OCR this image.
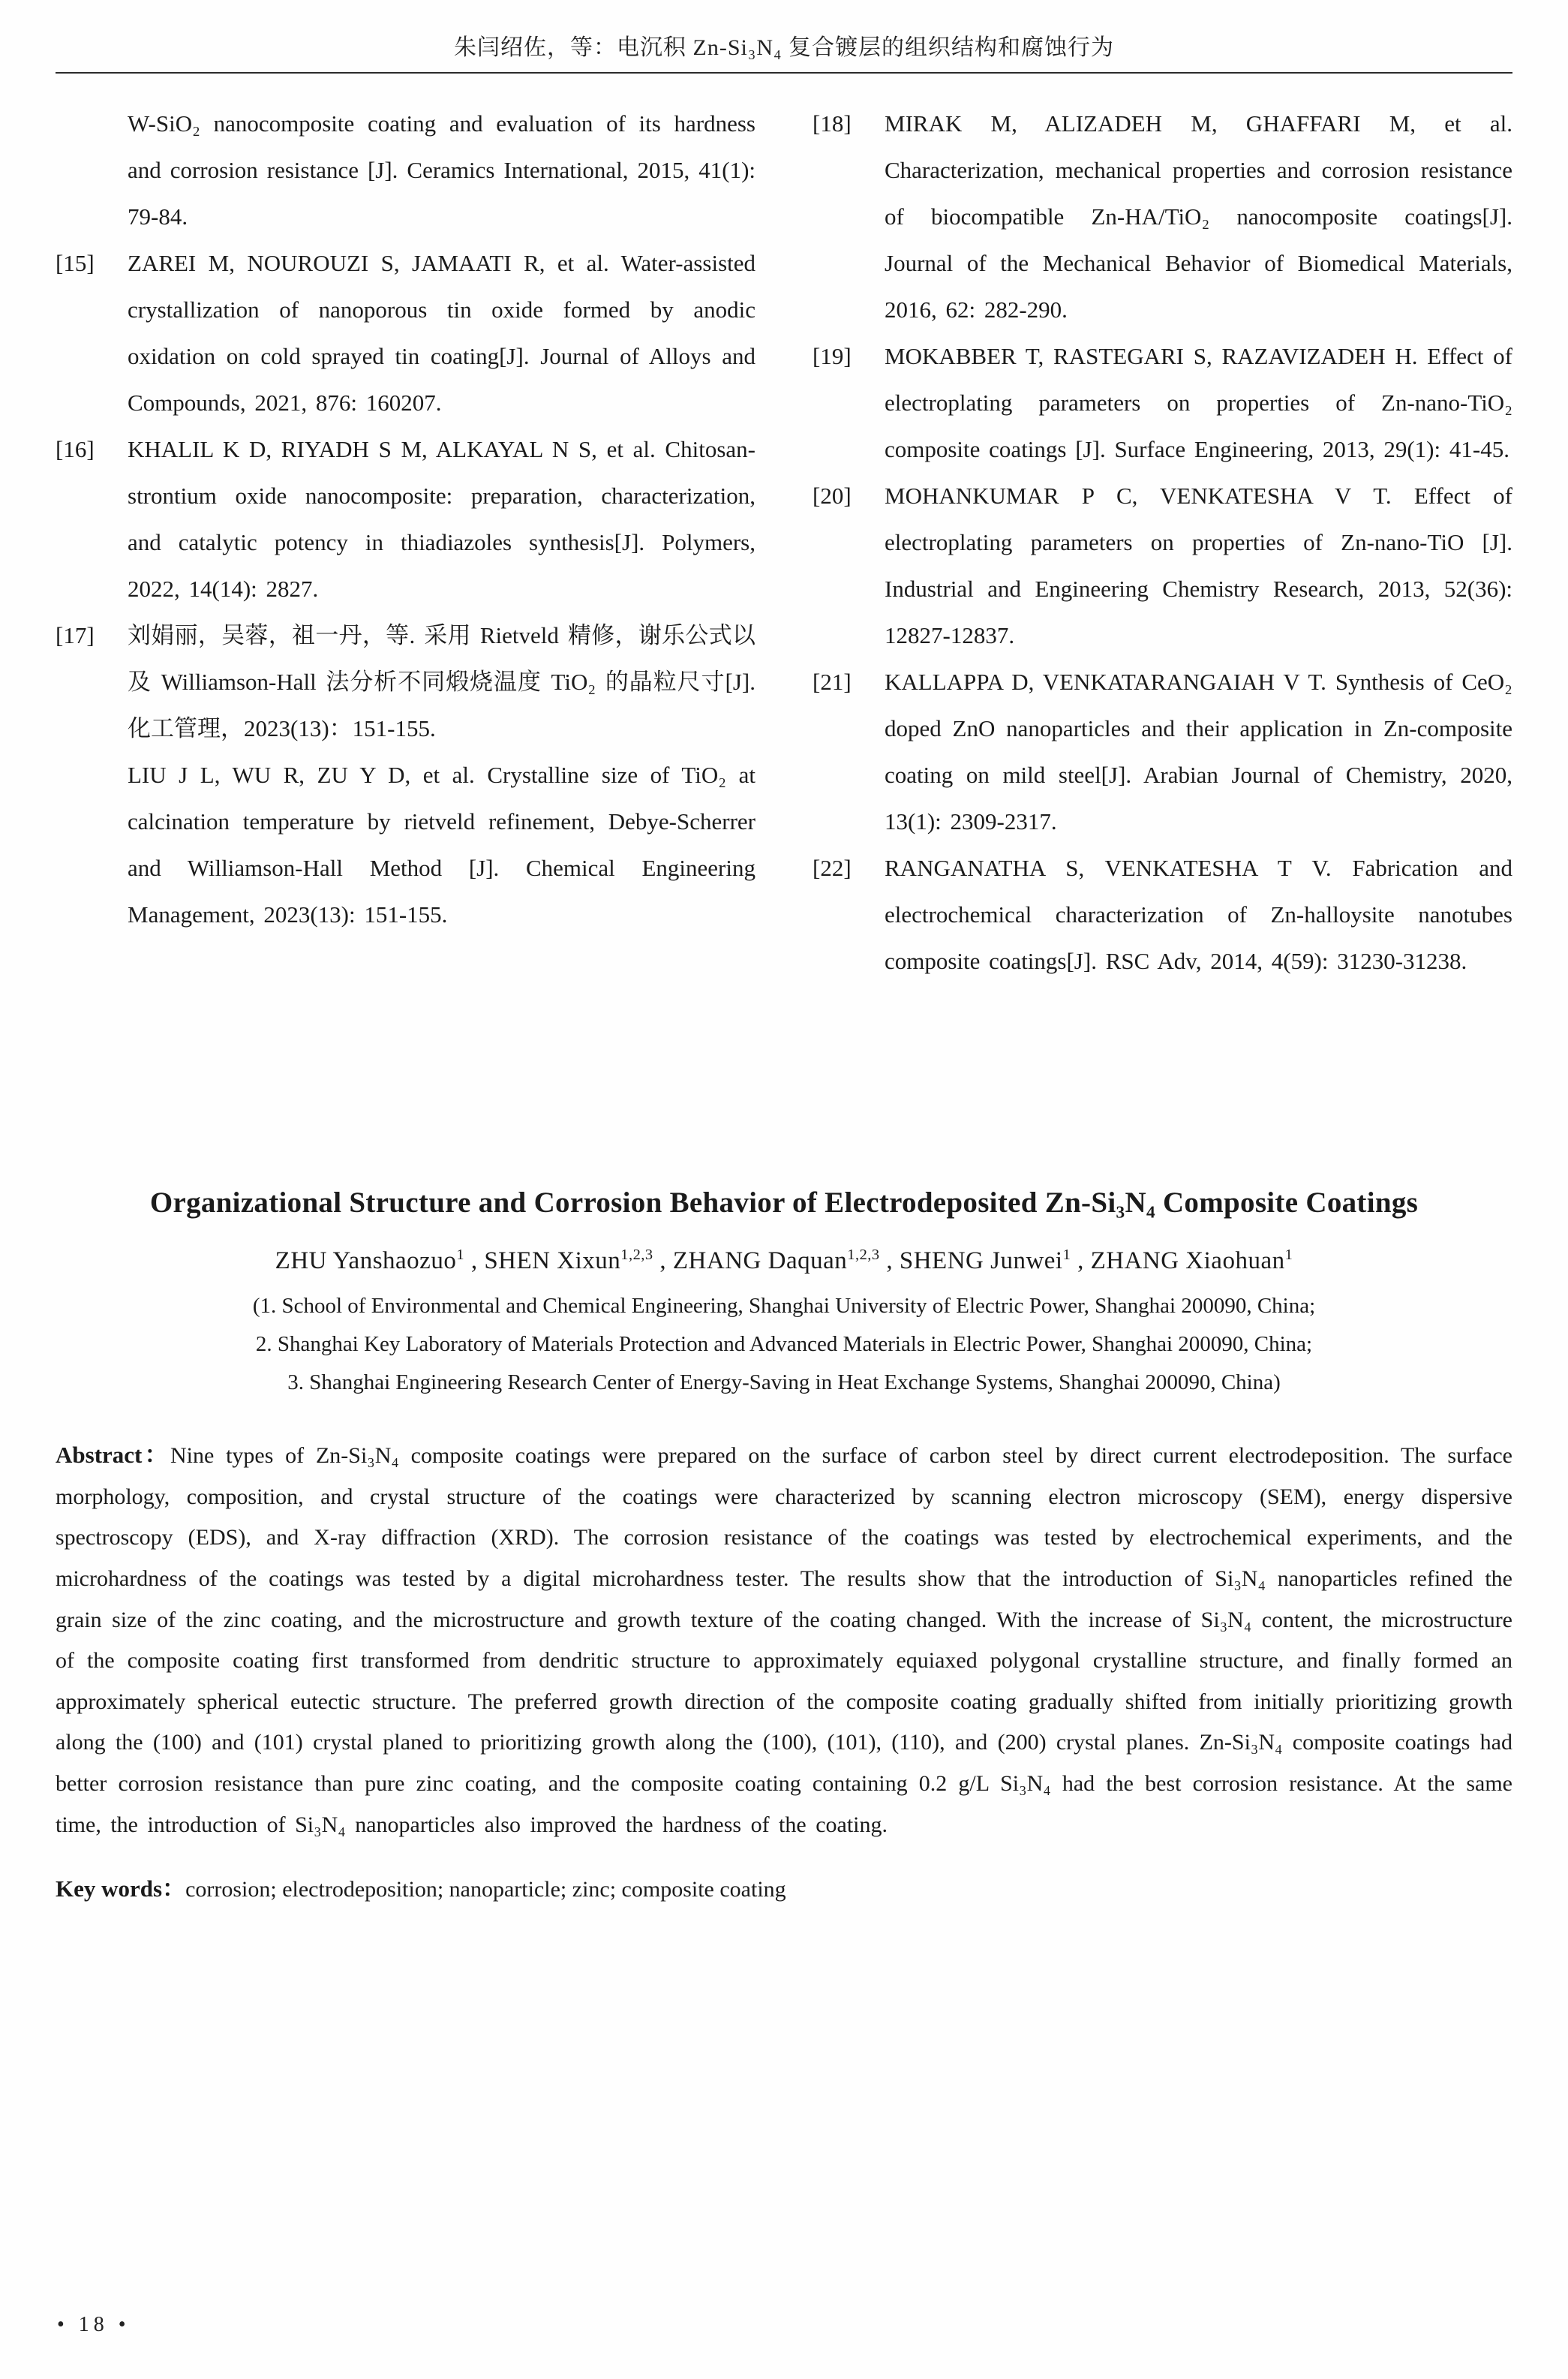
朱闫绍佐，等：电沉积 Zn-Si₃N₄ 复合镀层的组织结构和腐蚀行为
W-SiO₂ nanocomposite coating and evaluation of its hardness and corrosion resistance [J]. Ceramics International, 2015, 41(1): 79-84.
[15]	ZAREI M, NOUROUZI S, JAMAATI R, et al. Water-assisted crystallization of nanoporous tin oxide formed by anodic oxidation on cold sprayed tin coating[J]. Journal of Alloys and Compounds, 2021, 876: 160207.
[16]	KHALIL K D, RIYADH S M, ALKAYAL N S, et al. Chitosan-strontium oxide nanocomposite: preparation, characterization, and catalytic potency in thiadiazoles synthesis[J]. Polymers, 2022, 14(14): 2827.
[17]	刘娟丽，吴蓉，祖一丹，等. 采用 Rietveld 精修，谢乐公式以及 Williamson-Hall 法分析不同煅烧温度 TiO₂ 的晶粒尺寸[J]. 化工管理，2023(13)：151-155.
LIU J L, WU R, ZU Y D, et al. Crystalline size of TiO₂ at calcination temperature by rietveld refinement, Debye-Scherrer and Williamson-Hall Method [J]. Chemical Engineering Management, 2023(13): 151-155.
[18]	MIRAK M, ALIZADEH M, GHAFFARI M, et al. Characterization, mechanical properties and corrosion resistance of biocompatible Zn-HA/TiO₂ nanocomposite coatings[J]. Journal of the Mechanical Behavior of Biomedical Materials, 2016, 62: 282-290.
[19]	MOKABBER T, RASTEGARI S, RAZAVIZADEH H. Effect of electroplating parameters on properties of Zn-nano-TiO₂ composite coatings [J]. Surface Engineering, 2013, 29(1): 41-45.
[20]	MOHANKUMAR P C, VENKATESHA V T. Effect of electroplating parameters on properties of Zn-nano-TiO [J]. Industrial and Engineering Chemistry Research, 2013, 52(36): 12827-12837.
[21]	KALLAPPA D, VENKATARANGAIAH V T. Synthesis of CeO₂ doped ZnO nanoparticles and their application in Zn-composite coating on mild steel[J]. Arabian Journal of Chemistry, 2020, 13(1): 2309-2317.
[22]	RANGANATHA S, VENKATESHA T V. Fabrication and electrochemical characterization of Zn-halloysite nanotubes composite coatings[J]. RSC Adv, 2014, 4(59): 31230-31238.
Organizational Structure and Corrosion Behavior of Electrodeposited Zn-Si₃N₄ Composite Coatings
ZHU Yanshaozuo$^1$ , SHEN Xixun$^{1,2,3}$ , ZHANG Daquan$^{1,2,3}$ , SHENG Junwei$^1$ , ZHANG Xiaohuan$^1$
(1. School of Environmental and Chemical Engineering, Shanghai University of Electric Power, Shanghai 200090, China;
2. Shanghai Key Laboratory of Materials Protection and Advanced Materials in Electric Power, Shanghai 200090, China;
3. Shanghai Engineering Research Center of Energy-Saving in Heat Exchange Systems, Shanghai 200090, China)

Abstract：Nine types of Zn-Si₃N₄ composite coatings were prepared on the surface of carbon steel by direct current electrodeposition. The surface morphology, composition, and crystal structure of the coatings were characterized by scanning electron microscopy (SEM), energy dispersive spectroscopy (EDS), and X-ray diffraction (XRD). The corrosion resistance of the coatings was tested by electrochemical experiments, and the microhardness of the coatings was tested by a digital microhardness tester. The results show that the introduction of Si₃N₄ nanoparticles refined the grain size of the zinc coating, and the microstructure and growth texture of the coating changed. With the increase of Si₃N₄ content, the microstructure of the composite coating first transformed from dendritic structure to approximately equiaxed polygonal crystalline structure, and finally formed an approximately spherical eutectic structure. The preferred growth direction of the composite coating gradually shifted from initially prioritizing growth along the (100) and (101) crystal planed to prioritizing growth along the (100), (101), (110), and (200) crystal planes. Zn-Si₃N₄ composite coatings had better corrosion resistance than pure zinc coating, and the composite coating containing 0.2 g/L Si₃N₄ had the best corrosion resistance. At the same time, the introduction of Si₃N₄ nanoparticles also improved the hardness of the coating.

Key words：corrosion; electrodeposition; nanoparticle; zinc; composite coating

• 18 •
